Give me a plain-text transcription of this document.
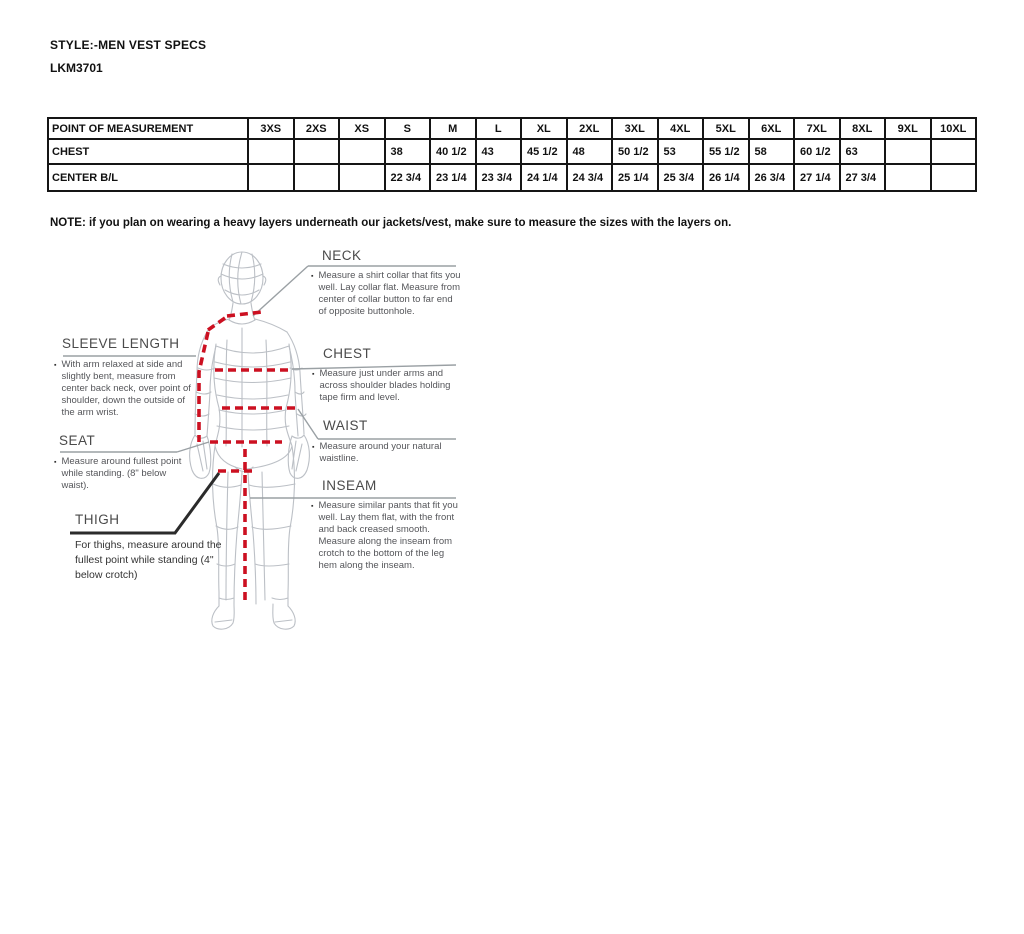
STYLE:-MEN VEST SPECS
LKM3701
POINT OF MEASUREMENT	3XS	2XS	XS	S	M	L	XL	2XL	3XL	4XL	5XL	6XL	7XL	8XL	9XL	10XL
CHEST				38	40 1/2	43	45 1/2	48	50 1/2	53	55 1/2	58	60 1/2	63		
CENTER B/L				22 3/4	23 1/4	23 3/4	24 1/4	24 3/4	25 1/4	25 3/4	26 1/4	26 3/4	27 1/4	27 3/4		
NOTE: if you plan on wearing a heavy layers underneath our jackets/vest, make sure to measure the sizes with the layers on.
NECK
▪ Measure a shirt collar that fits you well. Lay collar flat. Measure from center of collar button to far end of opposite buttonhole.
CHEST
▪ Measure just under arms and across shoulder blades holding tape firm and level.
WAIST
▪ Measure around your natural waistline.
INSEAM
▪ Measure similar pants that fit you well. Lay them flat, with the front and back creased smooth. Measure along the inseam from crotch to the bottom of the leg hem along the inseam.
SLEEVE LENGTH
▪ With arm relaxed at side and slightly bent, measure from center back neck, over point of shoulder, down the outside of the arm wrist.
SEAT
▪ Measure around fullest point while standing. (8" below waist).
THIGH
For thighs, measure around the fullest point while standing (4" below crotch)
